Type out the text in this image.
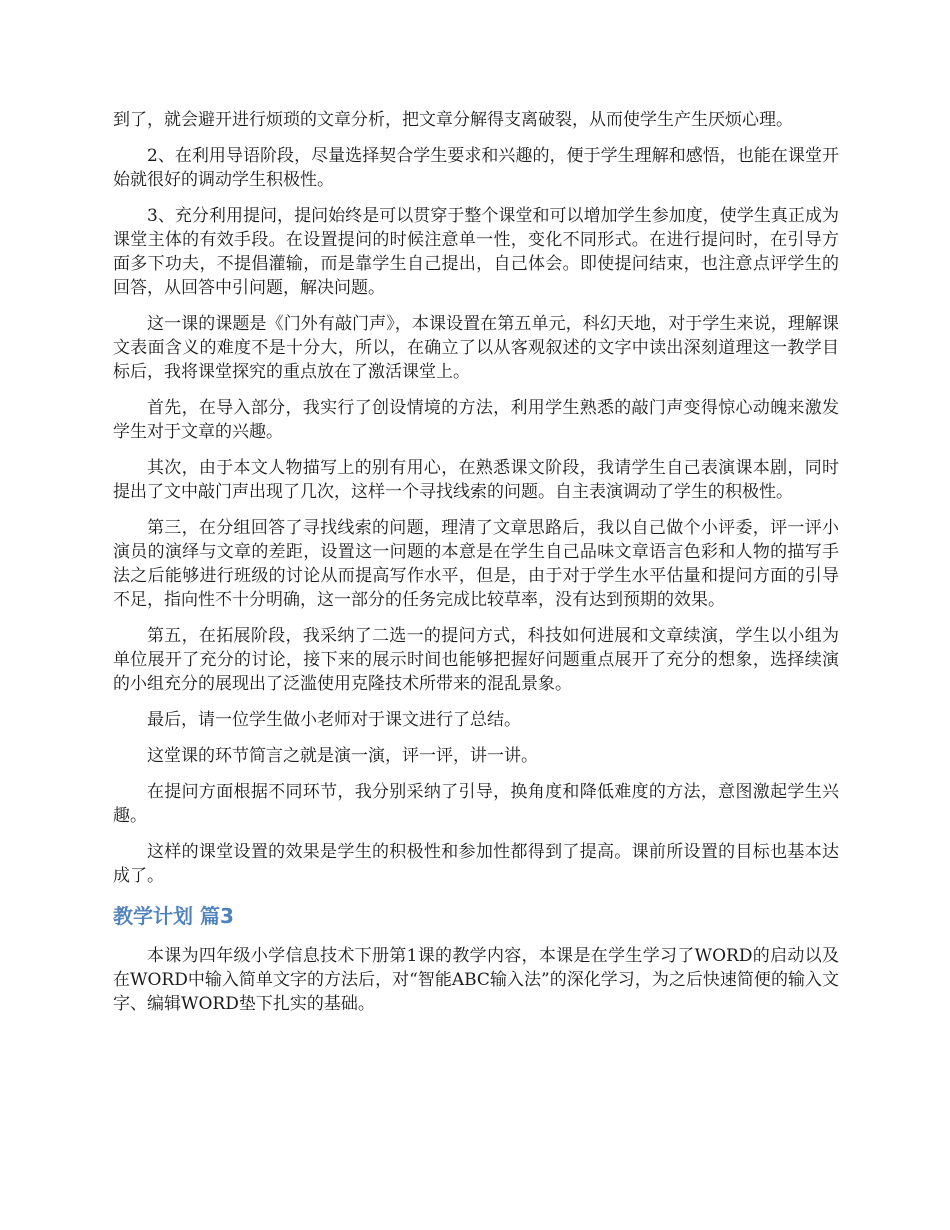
到了，就会避开进行烦琐的文章分析，把文章分解得支离破裂，从而使学生产生厌烦心理。

2、在利用导语阶段，尽量选择契合学生要求和兴趣的，便于学生理解和感悟，也能在课堂开始就很好的调动学生积极性。

3、充分利用提问，提问始终是可以贯穿于整个课堂和可以增加学生参加度，使学生真正成为课堂主体的有效手段。在设置提问的时候注意单一性，变化不同形式。在进行提问时，在引导方面多下功夫，不提倡灌输，而是靠学生自己提出，自己体会。即使提问结束，也注意点评学生的回答，从回答中引问题，解决问题。

这一课的课题是《门外有敲门声》，本课设置在第五单元，科幻天地，对于学生来说，理解课文表面含义的难度不是十分大，所以，在确立了以从客观叙述的文字中读出深刻道理这一教学目标后，我将课堂探究的重点放在了激活课堂上。

首先，在导入部分，我实行了创设情境的方法，利用学生熟悉的敲门声变得惊心动魄来激发学生对于文章的兴趣。

其次，由于本文人物描写上的别有用心，在熟悉课文阶段，我请学生自己表演课本剧，同时提出了文中敲门声出现了几次，这样一个寻找线索的问题。自主表演调动了学生的积极性。

第三，在分组回答了寻找线索的问题，理清了文章思路后，我以自己做个小评委，评一评小演员的演绎与文章的差距，设置这一问题的本意是在学生自己品味文章语言色彩和人物的描写手法之后能够进行班级的讨论从而提高写作水平，但是，由于对于学生水平估量和提问方面的引导不足，指向性不十分明确，这一部分的任务完成比较草率，没有达到预期的效果。

第五，在拓展阶段，我采纳了二选一的提问方式，科技如何进展和文章续演，学生以小组为单位展开了充分的讨论，接下来的展示时间也能够把握好问题重点展开了充分的想象，选择续演的小组充分的展现出了泛滥使用克隆技术所带来的混乱景象。

最后，请一位学生做小老师对于课文进行了总结。

这堂课的环节简言之就是演一演，评一评，讲一讲。

在提问方面根据不同环节，我分别采纳了引导，换角度和降低难度的方法，意图激起学生兴趣。

这样的课堂设置的效果是学生的积极性和参加性都得到了提高。课前所设置的目标也基本达成了。

教学计划 篇3

本课为四年级小学信息技术下册第1课的教学内容，本课是在学生学习了WORD的启动以及在WORD中输入简单文字的方法后，对“智能ABC输入法”的深化学习，为之后快速简便的输入文字、编辑WORD垫下扎实的基础。
